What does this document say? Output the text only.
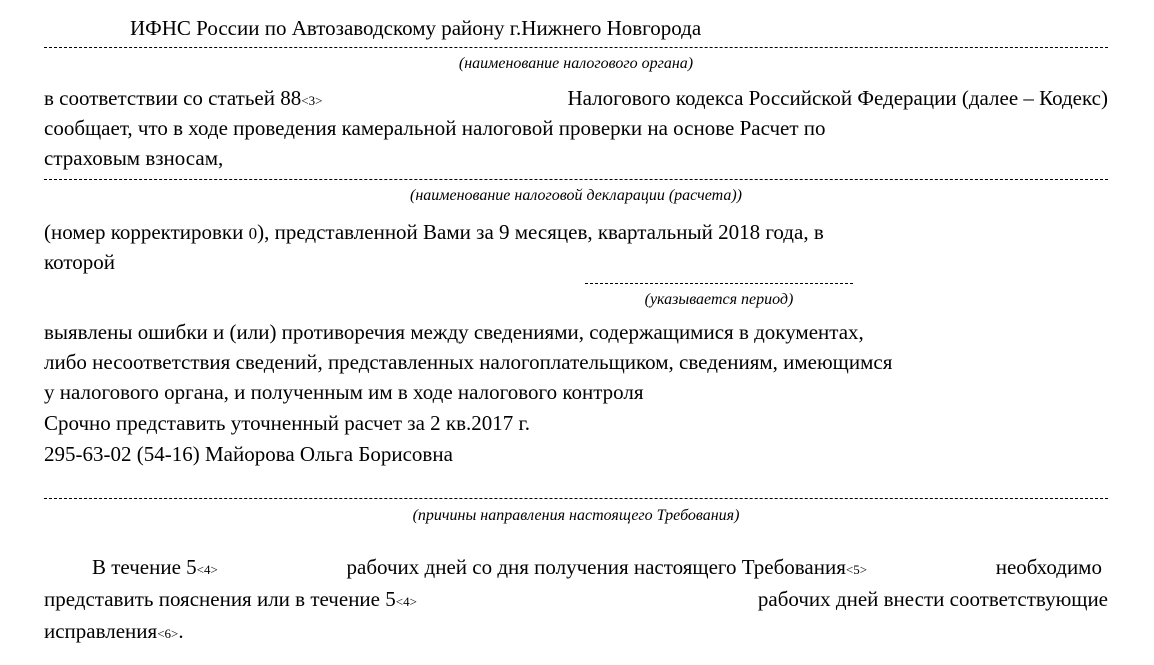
ИФНС России по Автозаводскому району г.Нижнего Новгорода
(наименование налогового органа)
в соответствии со статьей 88<3>	Налогового кодекса Российской Федерации (далее – Кодекс)
сообщает, что в ходе проведения камеральной налоговой проверки на основе Расчет по
страховым взносам,
(наименование налоговой декларации (расчета))
(номер корректировки 0), представленной Вами за 9 месяцев, квартальный 2018 года, в
которой
(указывается период)
выявлены ошибки и (или) противоречия между сведениями, содержащимися в документах,
либо несоответствия сведений, представленных налогоплательщиком, сведениям, имеющимся
у налогового органа, и полученным им в ходе налогового контроля
Срочно представить уточненный расчет за 2 кв.2017 г.
295-63-02 (54-16) Майорова Ольга Борисовна
(причины направления настоящего Требования)
В течение 5<4>	рабочих дней со дня получения настоящего Требования<5>	необходимо
представить пояснения или в течение 5<4>	рабочих дней внести соответствующие
исправления<6>.
